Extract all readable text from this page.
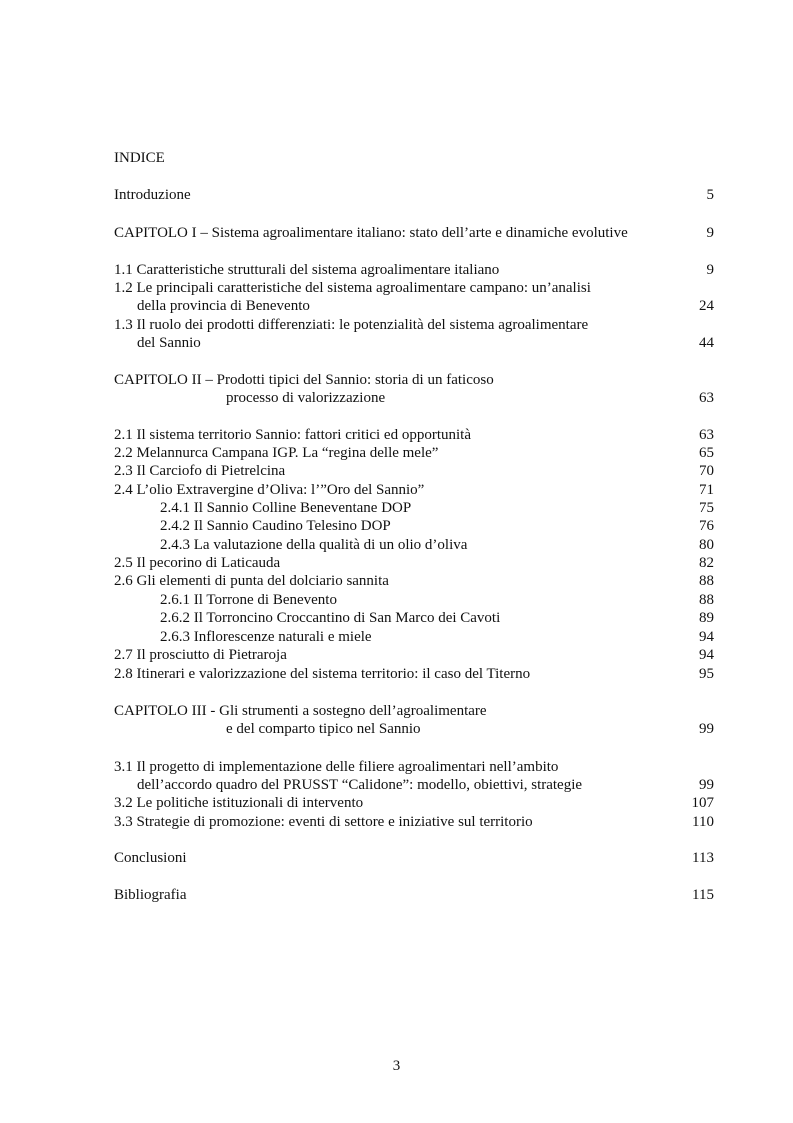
INDICE
Introduzione	5
CAPITOLO I – Sistema agroalimentare italiano: stato dell’arte e dinamiche evolutive	9
1.1 Caratteristiche strutturali del sistema agroalimentare italiano	9
1.2 Le principali caratteristiche del sistema agroalimentare campano: un’analisi
della provincia di Benevento	24
1.3 Il ruolo dei prodotti differenziati: le potenzialità del sistema agroalimentare
del Sannio	44
CAPITOLO II – Prodotti tipici del Sannio: storia di un faticoso
processo di valorizzazione	63
2.1 Il sistema territorio Sannio: fattori critici ed opportunità	63
2.2 Melannurca Campana IGP. La “regina delle mele”	65
2.3 Il Carciofo di Pietrelcina	70
2.4 L’olio Extravergine d’Oliva: l’”Oro del Sannio”	71
2.4.1 Il Sannio Colline Beneventane DOP	75
2.4.2 Il Sannio Caudino Telesino DOP	76
2.4.3 La valutazione della qualità di un olio d’oliva	80
2.5 Il pecorino di Laticauda	82
2.6 Gli elementi di punta del dolciario sannita	88
2.6.1 Il Torrone di Benevento	88
2.6.2 Il Torroncino Croccantino di San Marco dei Cavoti	89
2.6.3 Inflorescenze naturali e miele	94
2.7 Il prosciutto di Pietraroja	94
2.8 Itinerari e valorizzazione del sistema territorio: il caso del Titerno	95
CAPITOLO III - Gli strumenti a sostegno dell’agroalimentare
e del comparto tipico nel Sannio	99
3.1 Il progetto di implementazione delle filiere agroalimentari nell’ambito
dell’accordo quadro del PRUSST “Calidone”: modello, obiettivi, strategie	99
3.2 Le politiche istituzionali di intervento	107
3.3 Strategie di promozione: eventi di settore e iniziative sul territorio	110
Conclusioni	113
Bibliografia	115
3
